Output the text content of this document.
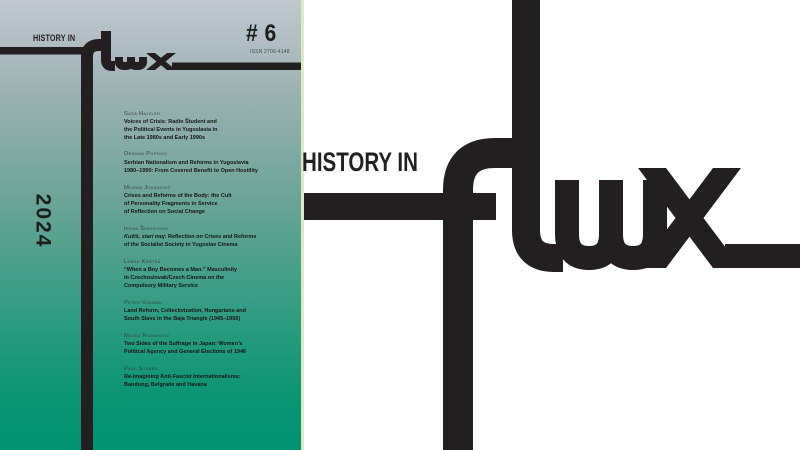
HISTORY IN	# 6
ISSN 2706-4148
2024
Saša Hajzler
Voices of Crisis: Radio Študent and
the Political Events in Yugoslavia in
the Late 1980s and Early 1990s
Dragan Popović
Serbian Nationalism and Reforms in Yugoslavia
1980–1990: From Covered Benefit to Open Hostility
Milena Jokanović
Crises and Reforms of the Body: the Cult
of Personality Fragments in Service
of Reflection on Social Change
Irena Šentevska
Kužiš, stari moj: Reflection on Crises and Reforms
of the Socialist Society in Yugoslav Cinema
Lenka Krátká
“When a Boy Becomes a Man.” Masculinity
in Czechoslovak/Czech Cinema on the
Compulsory Military Service
Péter Vukman
Land Reform, Collectivization, Hungarians and
South Slavs in the Baja Triangle (1945–1956)
Matea Radaković
Two Sides of the Suffrage in Japan: Women’s
Political Agency and General Elections of 1946
Paul Stubbs
Re-Imagining Anti-Fascist Internationalisms:
Bandung, Belgrade and Havana
HISTORY IN
